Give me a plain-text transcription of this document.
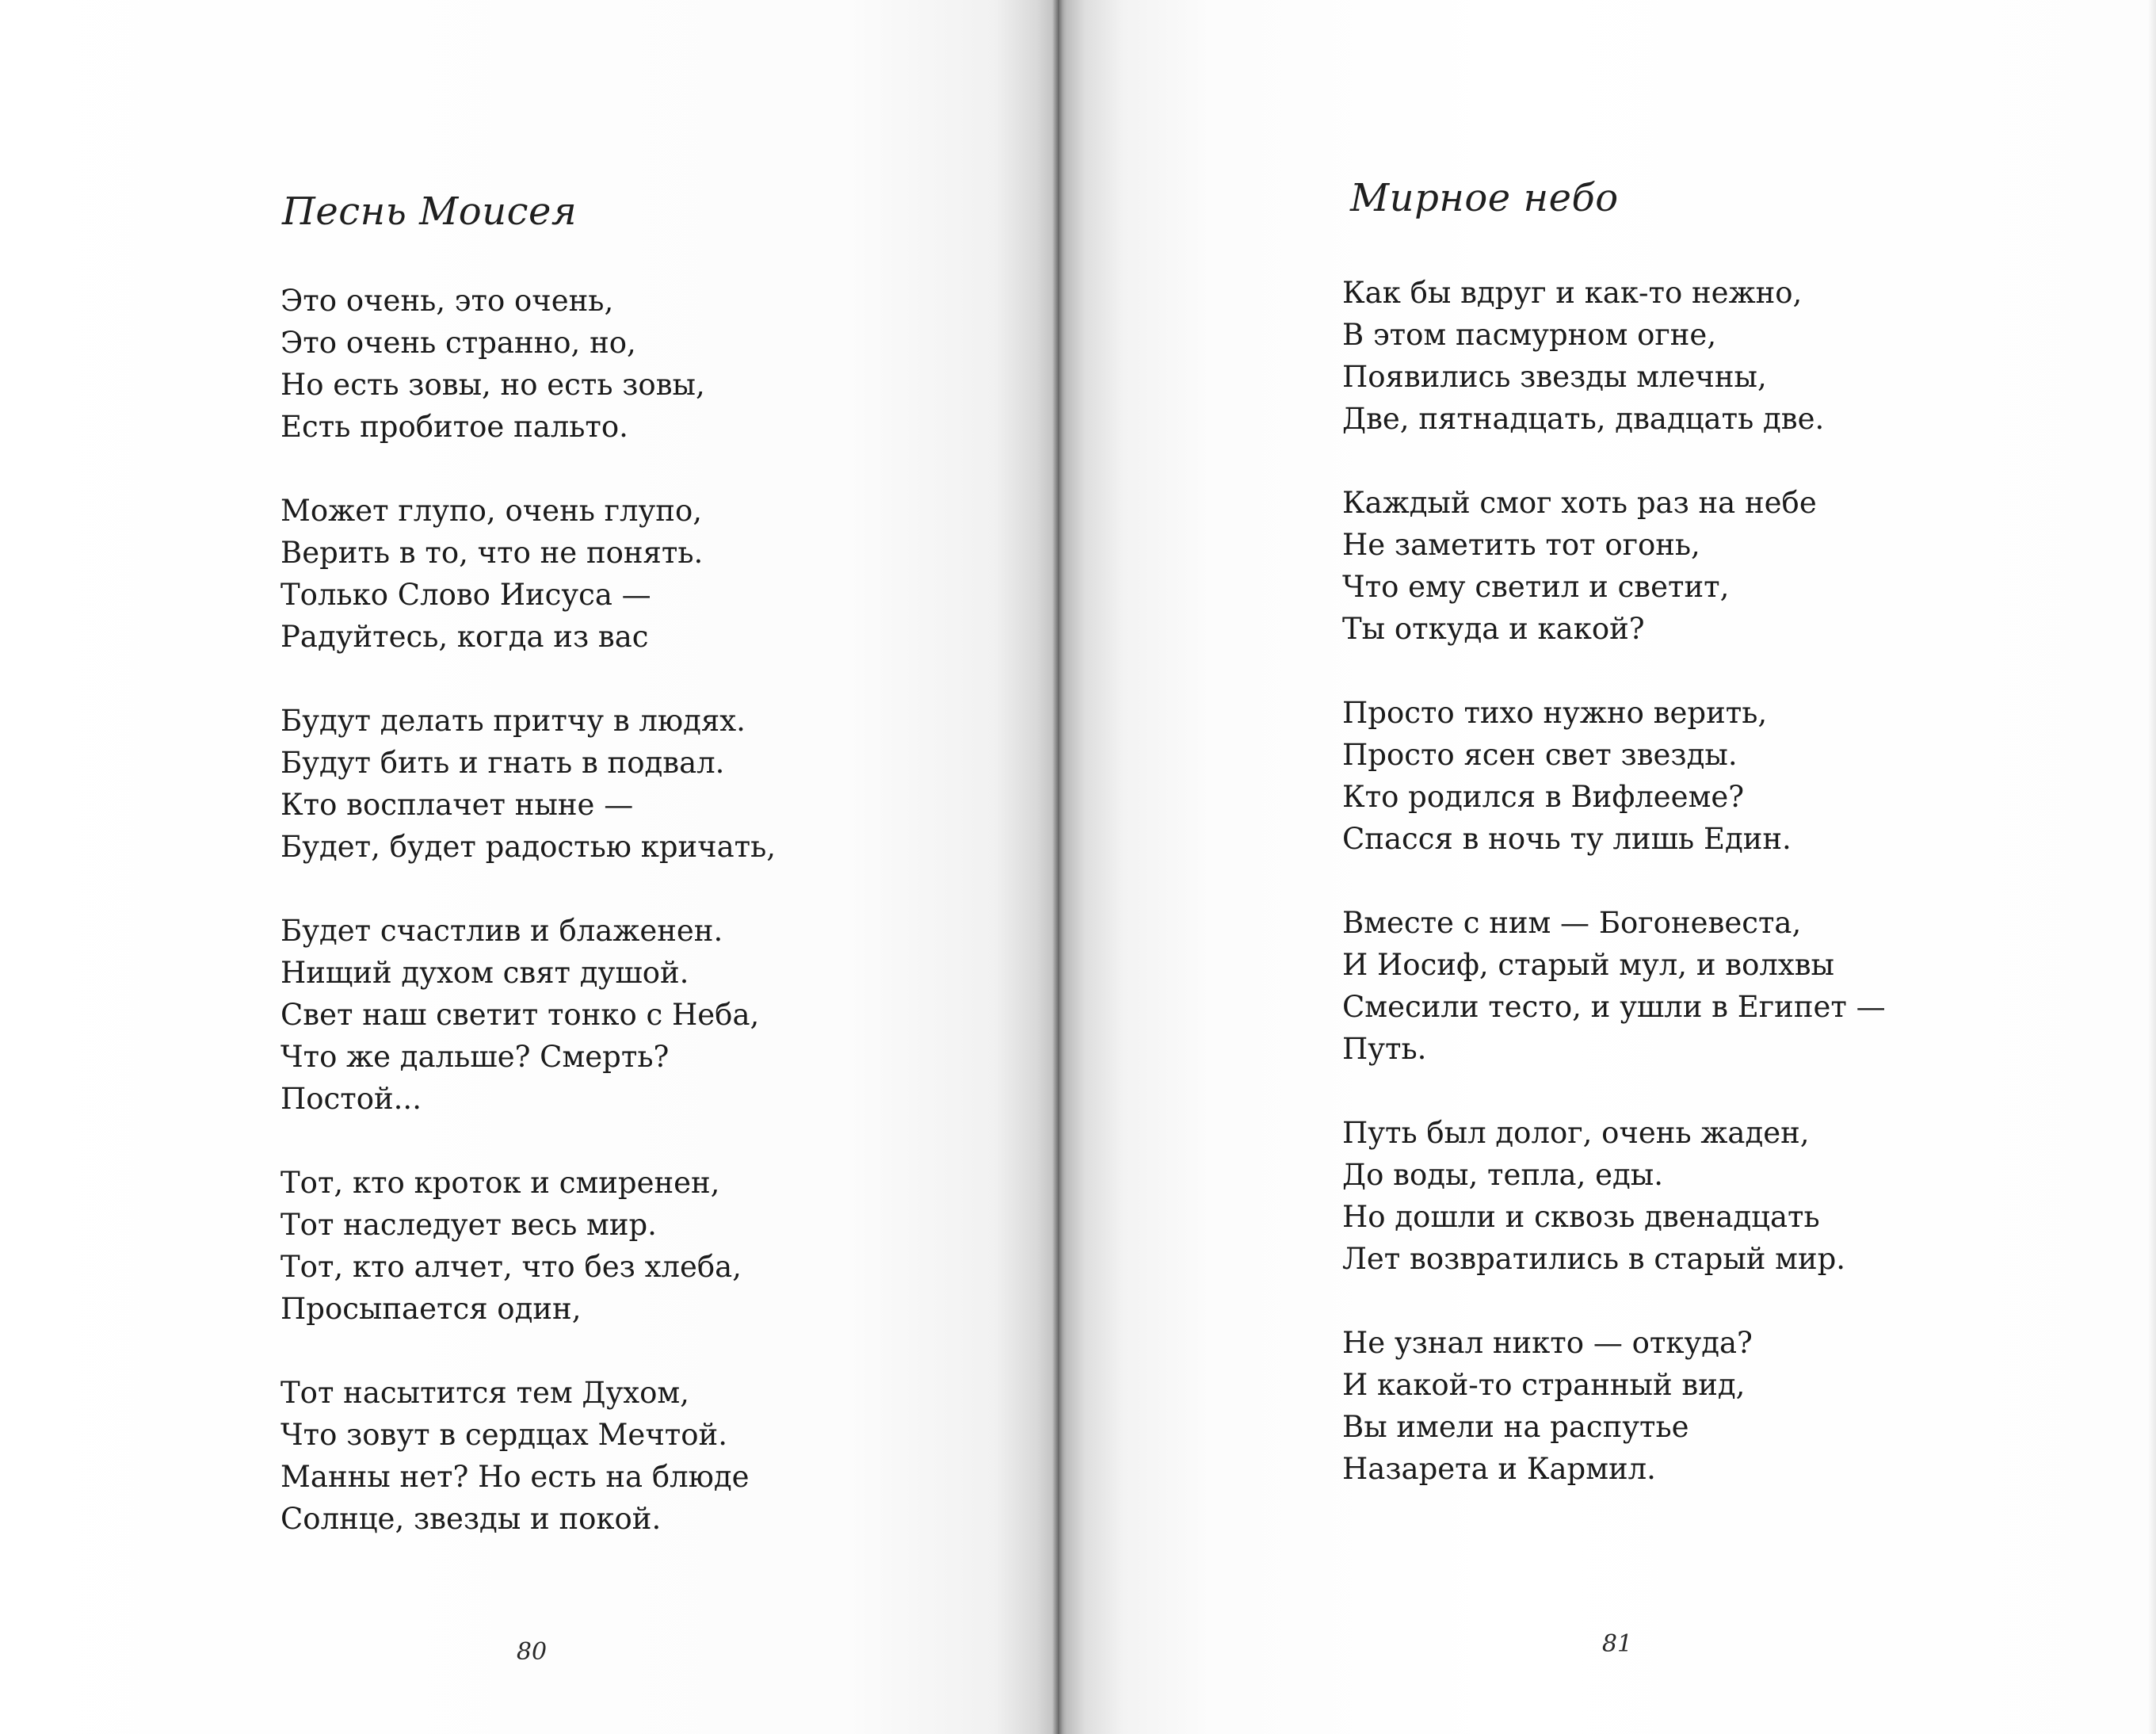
Песнь Моисея
Это очень, это очень,
Это очень странно, но,
Но есть зовы, но есть зовы,
Есть пробитое пальто.
Может глупо, очень глупо,
Верить в то, что не понять.
Только Слово Иисуса —
Радуйтесь, когда из вас
Будут делать притчу в людях.
Будут бить и гнать в подвал.
Кто восплачет ныне —
Будет, будет радостью кричать,
Будет счастлив и блаженен.
Нищий духом свят душой.
Свет наш светит тонко с Неба,
Что же дальше? Смерть?
Постой...
Тот, кто кроток и смиренен,
Тот наследует весь мир.
Тот, кто алчет, что без хлеба,
Просыпается один,
Тот насытится тем Духом,
Что зовут в сердцах Мечтой.
Манны нет? Но есть на блюде
Солнце, звезды и покой.
80
Мирное небо
Как бы вдруг и как-то нежно,
В этом пасмурном огне,
Появились звезды млечны,
Две, пятнадцать, двадцать две.
Каждый смог хоть раз на небе
Не заметить тот огонь,
Что ему светил и светит,
Ты откуда и какой?
Просто тихо нужно верить,
Просто ясен свет звезды.
Кто родился в Вифлееме?
Спасся в ночь ту лишь Един.
Вместе с ним — Богоневеста,
И Иосиф, старый мул, и волхвы
Смесили тесто, и ушли в Египет —
Путь.
Путь был долог, очень жаден,
До воды, тепла, еды.
Но дошли и сквозь двенадцать
Лет возвратились в старый мир.
Не узнал никто — откуда?
И какой-то странный вид,
Вы имели на распутье
Назарета и Кармил.
81
